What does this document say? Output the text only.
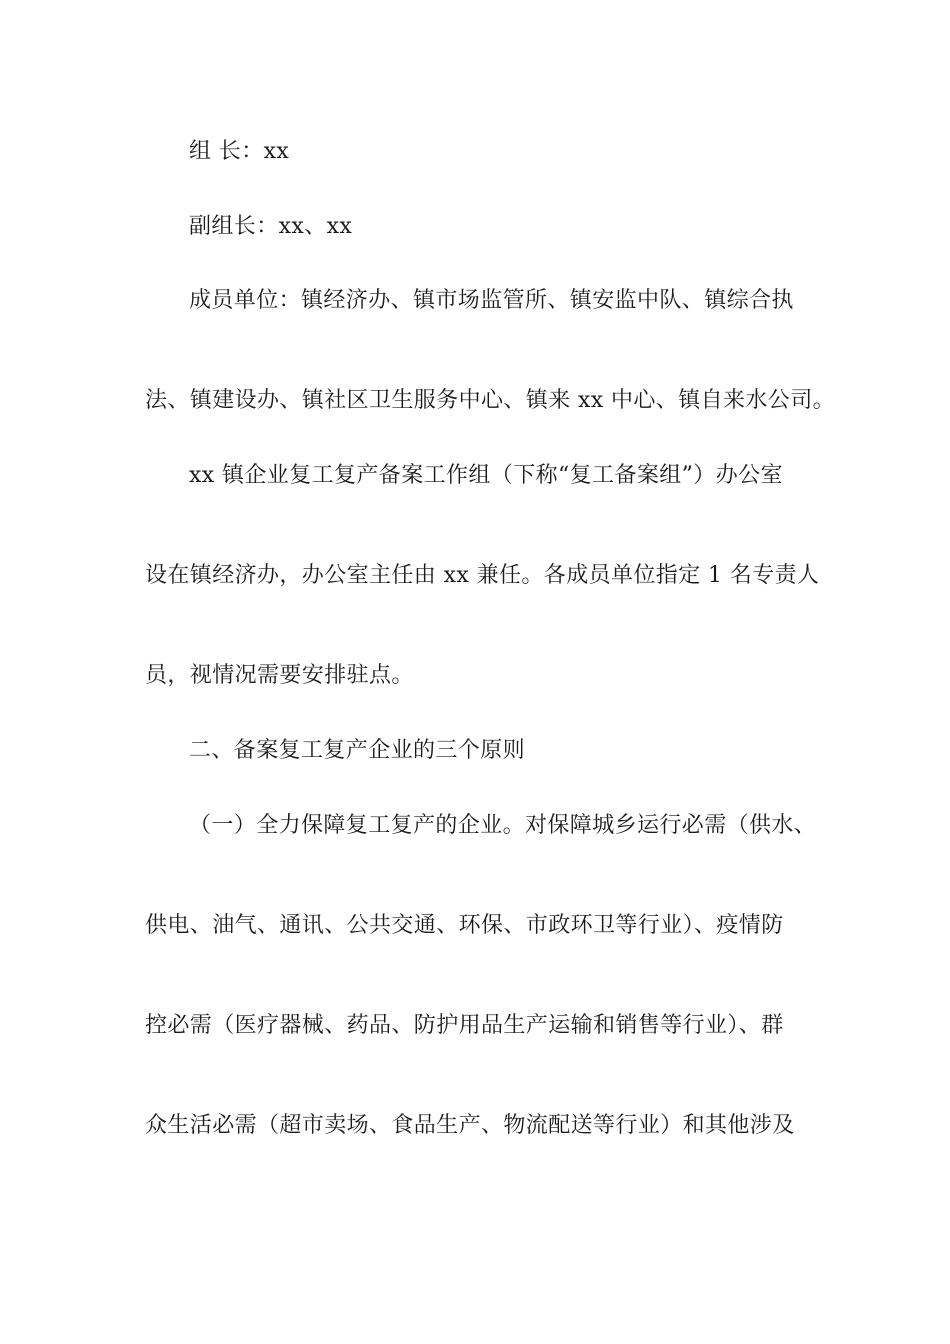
组 长：xx
副组长：xx、xx
成员单位：镇经济办、镇市场监管所、镇安监中队、镇综合执
法、镇建设办、镇社区卫生服务中心、镇来 xx 中心、镇自来水公司。
xx 镇企业复工复产备案工作组（下称“复工备案组”）办公室
设在镇经济办，办公室主任由 xx 兼任。各成员单位指定 1 名专责人
员，视情况需要安排驻点。
二、备案复工复产企业的三个原则
（一）全力保障复工复产的企业。对保障城乡运行必需（供水、
供电、油气、通讯、公共交通、环保、市政环卫等行业）、疫情防
控必需（医疗器械、药品、防护用品生产运输和销售等行业）、群
众生活必需（超市卖场、食品生产、物流配送等行业）和其他涉及
